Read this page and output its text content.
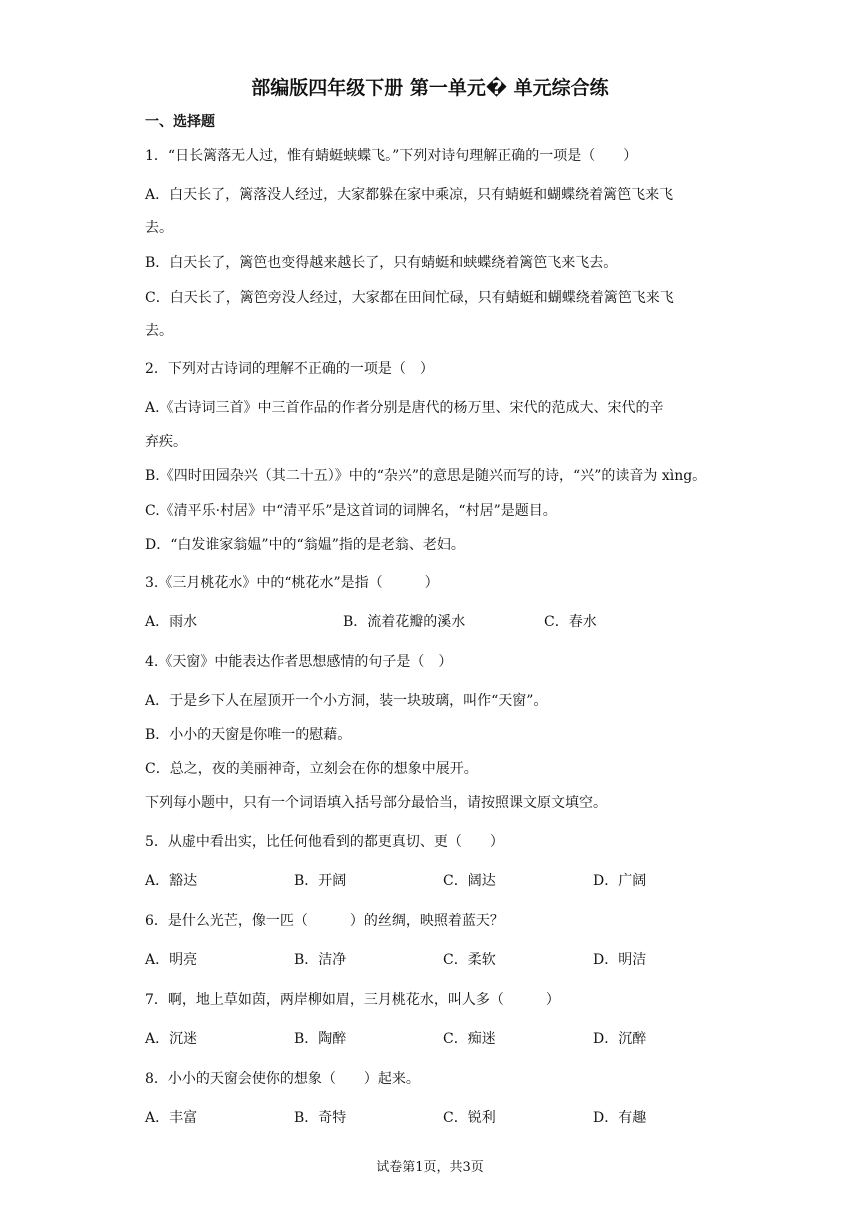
部编版四年级下册 第一单元� 单元综合练
一、选择题
1．“日长篱落无人过，惟有蜻蜓蛱蝶飞。”下列对诗句理解正确的一项是（　　）
A．白天长了，篱落没人经过，大家都躲在家中乘凉，只有蜻蜓和蝴蝶绕着篱笆飞来飞
去。
B．白天长了，篱笆也变得越来越长了，只有蜻蜓和蛱蝶绕着篱笆飞来飞去。
C．白天长了，篱笆旁没人经过，大家都在田间忙碌，只有蜻蜓和蝴蝶绕着篱笆飞来飞
去。
2．下列对古诗词的理解不正确的一项是（　）
A.《古诗词三首》中三首作品的作者分别是唐代的杨万里、宋代的范成大、宋代的辛
弃疾。
B.《四时田园杂兴（其二十五）》中的“杂兴”的意思是随兴而写的诗，“兴”的读音为 xìng。
C.《清平乐·村居》中“清平乐”是这首词的词牌名，“村居”是题目。
D．“白发谁家翁媪”中的“翁媪”指的是老翁、老妇。
3.《三月桃花水》中的“桃花水”是指（　　　）
A．雨水	B．流着花瓣的溪水	C．春水
4.《天窗》中能表达作者思想感情的句子是（　）
A．于是乡下人在屋顶开一个小方洞，装一块玻璃，叫作“天窗”。
B．小小的天窗是你唯一的慰藉。
C．总之，夜的美丽神奇，立刻会在你的想象中展开。
下列每小题中，只有一个词语填入括号部分最恰当，请按照课文原文填空。
5．从虚中看出实，比任何他看到的都更真切、更（　　）
A．豁达	B．开阔	C．阔达	D．广阔
6．是什么光芒，像一匹（　　　）的丝绸，映照着蓝天？
A．明亮	B．洁净	C．柔软	D．明洁
7．啊，地上草如茵，两岸柳如眉，三月桃花水，叫人多（　　　）
A．沉迷	B．陶醉	C．痴迷	D．沉醉
8．小小的天窗会使你的想象（　　）起来。
A．丰富	B．奇特	C．锐利	D．有趣
试卷第1页，共3页
